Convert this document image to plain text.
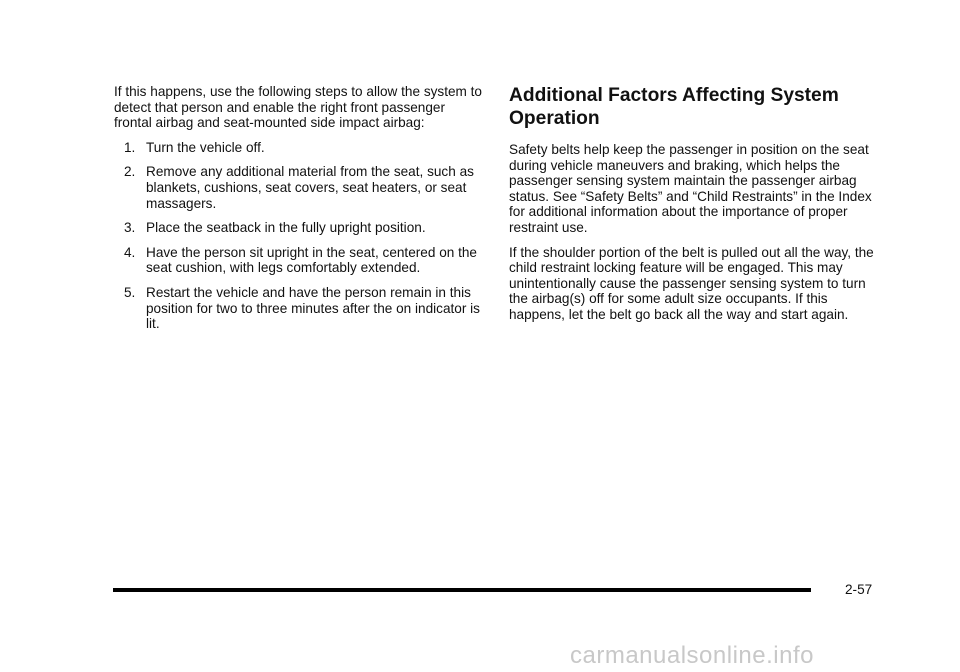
If this happens, use the following steps to allow the system to detect that person and enable the right front passenger frontal airbag and seat-mounted side impact airbag:

1. Turn the vehicle off.
2. Remove any additional material from the seat, such as blankets, cushions, seat covers, seat heaters, or seat massagers.
3. Place the seatback in the fully upright position.
4. Have the person sit upright in the seat, centered on the seat cushion, with legs comfortably extended.
5. Restart the vehicle and have the person remain in this position for two to three minutes after the on indicator is lit.
Additional Factors Affecting System Operation

Safety belts help keep the passenger in position on the seat during vehicle maneuvers and braking, which helps the passenger sensing system maintain the passenger airbag status. See “Safety Belts” and “Child Restraints” in the Index for additional information about the importance of proper restraint use.

If the shoulder portion of the belt is pulled out all the way, the child restraint locking feature will be engaged. This may unintentionally cause the passenger sensing system to turn the airbag(s) off for some adult size occupants. If this happens, let the belt go back all the way and start again.

2-57
carmanualsonline.info
